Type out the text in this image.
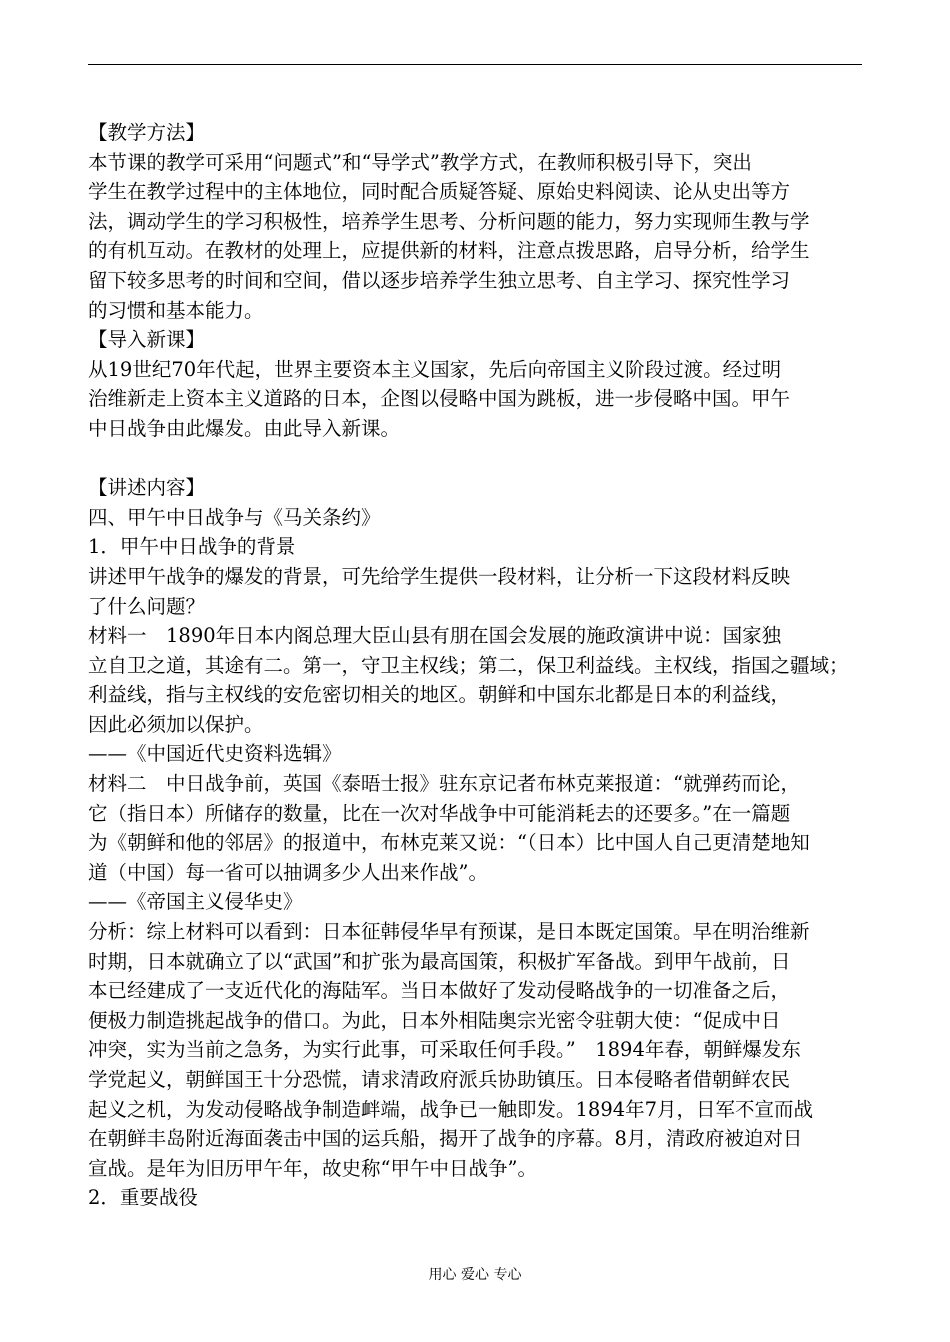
【教学方法】
本节课的教学可采用“问题式”和“导学式”教学方式，在教师积极引导下，突出
学生在教学过程中的主体地位，同时配合质疑答疑、原始史料阅读、论从史出等方
法，调动学生的学习积极性，培养学生思考、分析问题的能力，努力实现师生教与学
的有机互动。在教材的处理上，应提供新的材料，注意点拨思路，启导分析，给学生
留下较多思考的时间和空间，借以逐步培养学生独立思考、自主学习、探究性学习
的习惯和基本能力。
【导入新课】
从19世纪70年代起，世界主要资本主义国家，先后向帝国主义阶段过渡。经过明
治维新走上资本主义道路的日本，企图以侵略中国为跳板，进一步侵略中国。甲午
中日战争由此爆发。由此导入新课。
【讲述内容】
四、甲午中日战争与《马关条约》
1．甲午中日战争的背景
讲述甲午战争的爆发的背景，可先给学生提供一段材料，让分析一下这段材料反映
了什么问题？
材料一　1890年日本内阁总理大臣山县有朋在国会发展的施政演讲中说：国家独
立自卫之道，其途有二。第一，守卫主权线；第二，保卫利益线。主权线，指国之疆域；
利益线，指与主权线的安危密切相关的地区。朝鲜和中国东北都是日本的利益线，
因此必须加以保护。
——《中国近代史资料选辑》
材料二　中日战争前，英国《泰晤士报》驻东京记者布林克莱报道：“就弹药而论，
它（指日本）所储存的数量，比在一次对华战争中可能消耗去的还要多。”在一篇题
为《朝鲜和他的邻居》的报道中，布林克莱又说：“（日本）比中国人自己更清楚地知
道（中国）每一省可以抽调多少人出来作战”。
——《帝国主义侵华史》
分析：综上材料可以看到：日本征韩侵华早有预谋，是日本既定国策。早在明治维新
时期，日本就确立了以“武国”和扩张为最高国策，积极扩军备战。到甲午战前，日
本已经建成了一支近代化的海陆军。当日本做好了发动侵略战争的一切准备之后，
便极力制造挑起战争的借口。为此，日本外相陆奥宗光密令驻朝大使：“促成中日
冲突，实为当前之急务，为实行此事，可采取任何手段。”　1894年春，朝鲜爆发东
学党起义，朝鲜国王十分恐慌，请求清政府派兵协助镇压。日本侵略者借朝鲜农民
起义之机，为发动侵略战争制造衅端，战争已一触即发。1894年7月，日军不宣而战
在朝鲜丰岛附近海面袭击中国的运兵船，揭开了战争的序幕。8月，清政府被迫对日
宣战。是年为旧历甲午年，故史称“甲午中日战争”。
2．重要战役
用心 爱心 专心
